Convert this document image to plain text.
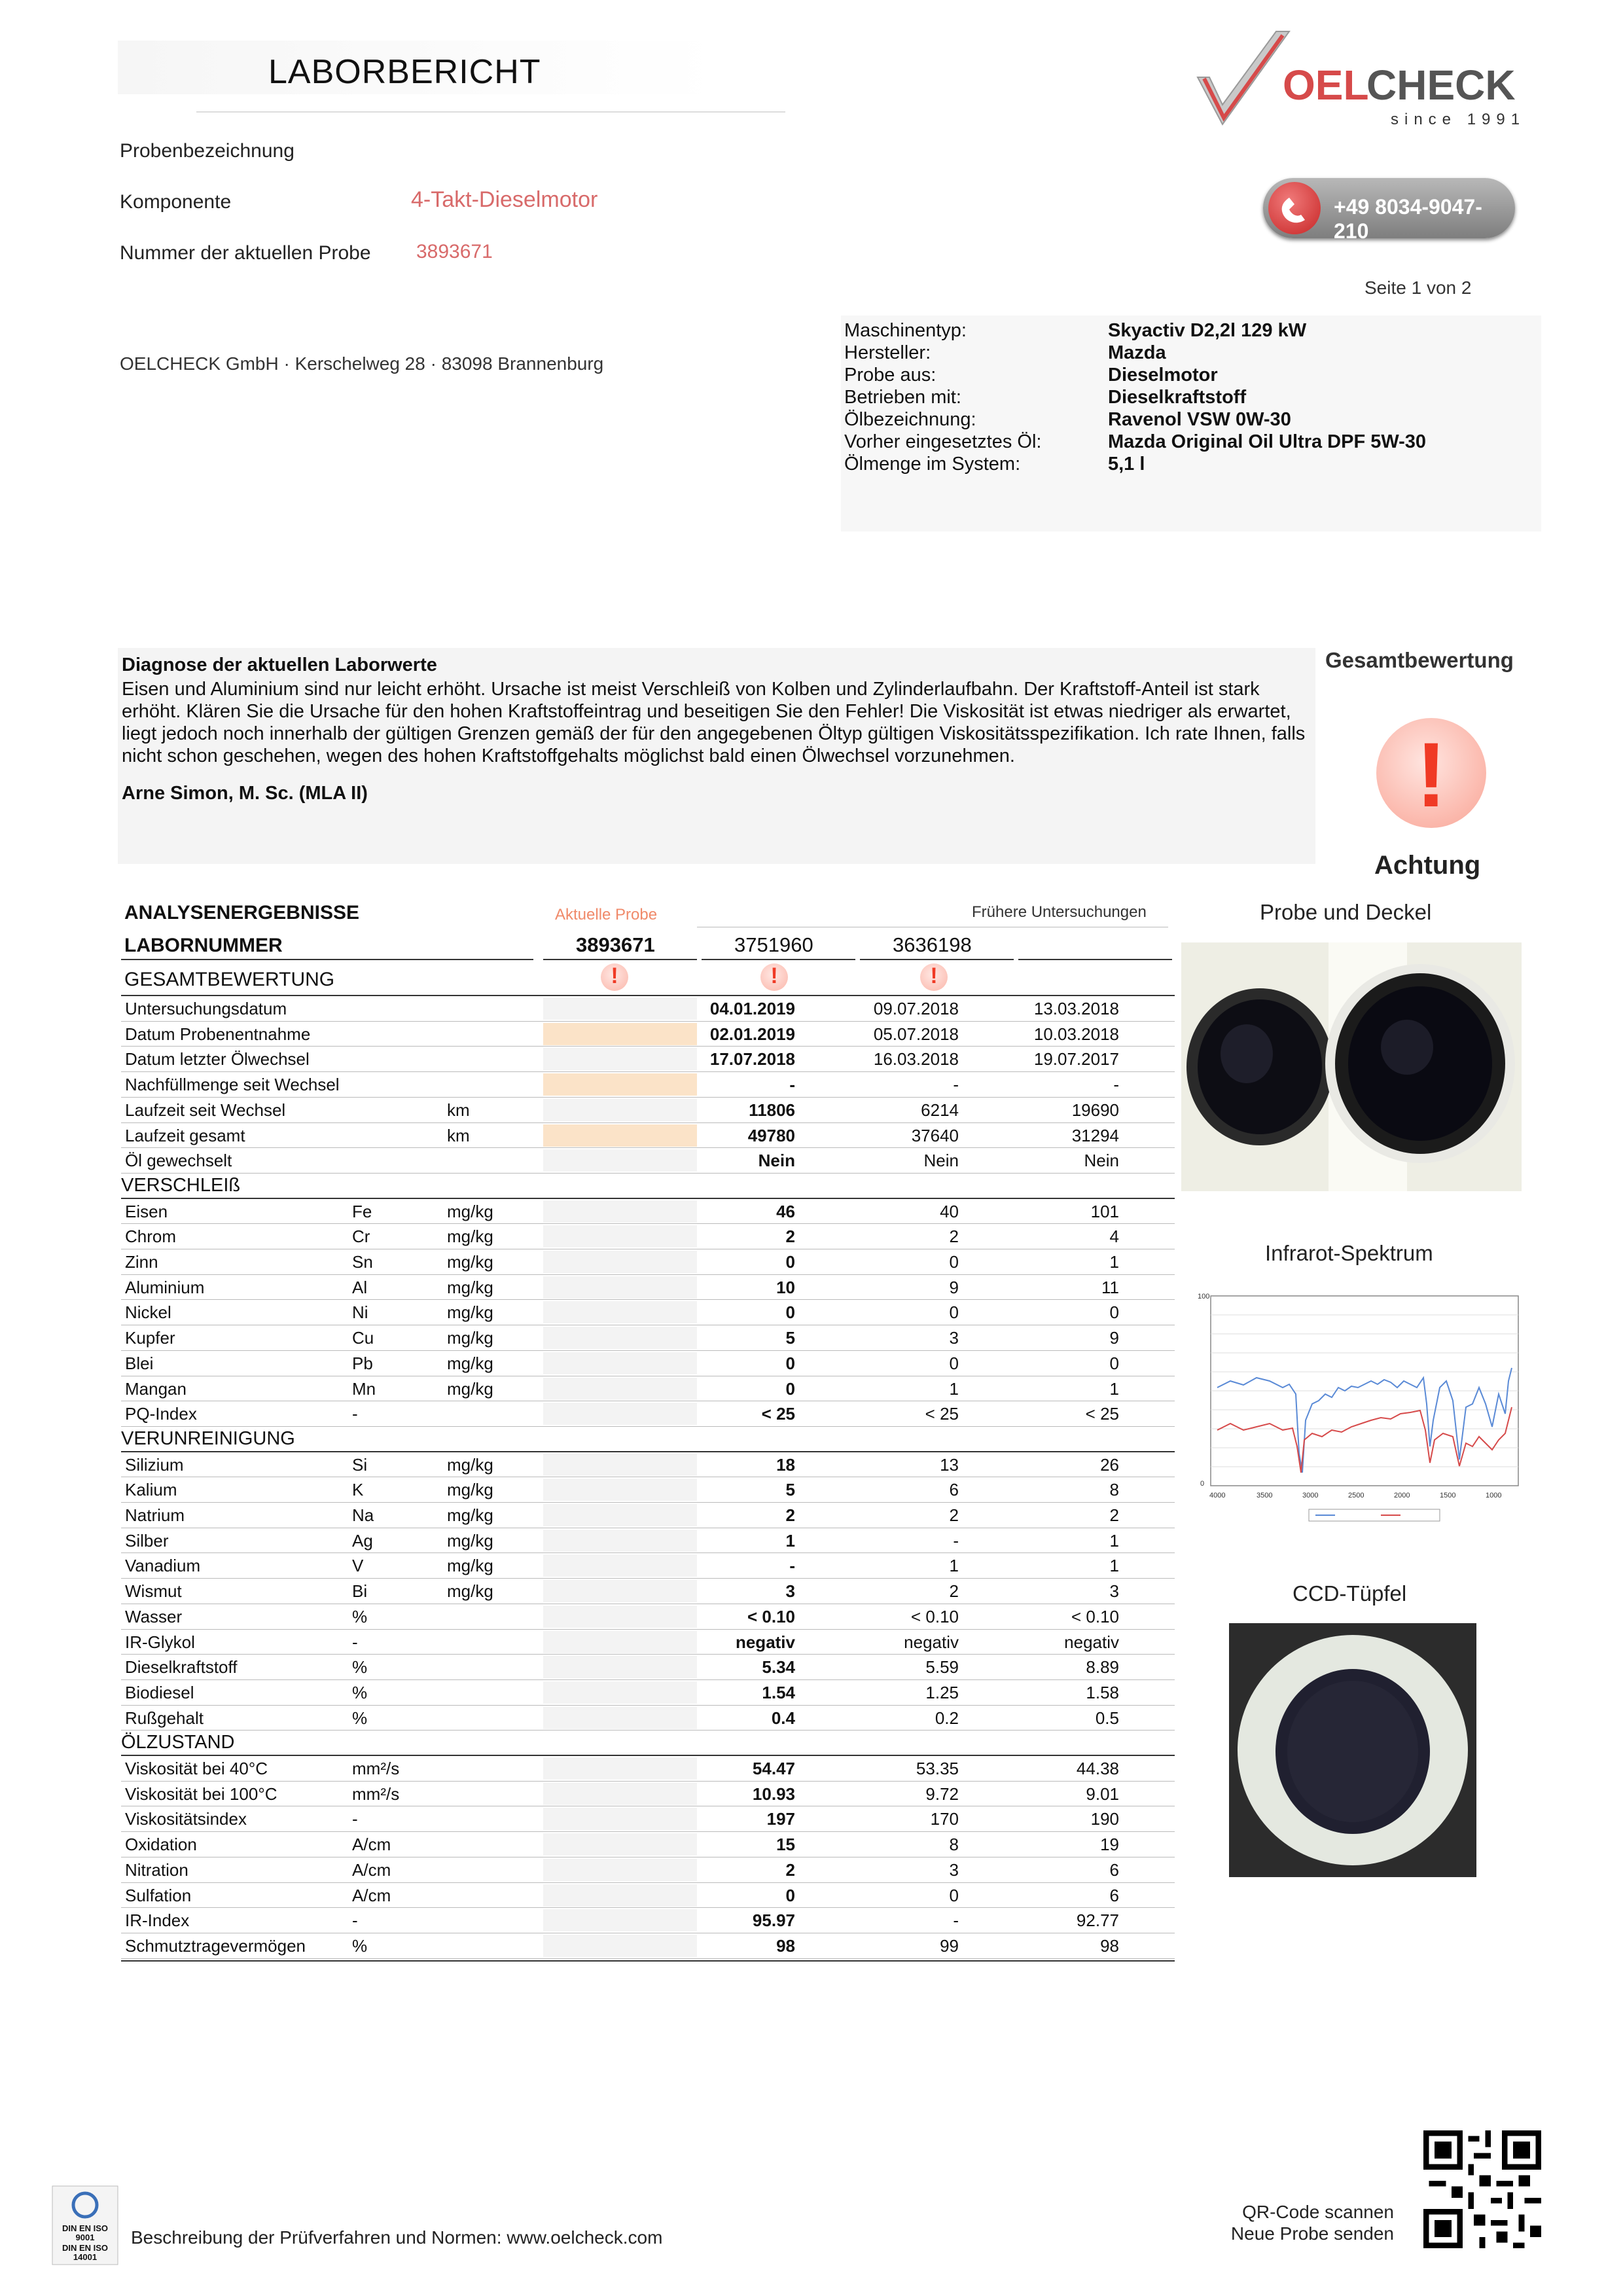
LABORBERICHT	OEL
CHECK
since 1991
+49 8034-9047-210
Seite 1 von 2
Probenbezeichnung
Komponente	4-Takt-Dieselmotor
Nummer der aktuellen Probe 3893671
OELCHECK GmbH · Kerschelweg 28 · 83098 Brannenburg
Maschinentyp:	Skyactiv D2,2l 129 kW
Hersteller:	Mazda
Probe aus:	Dieselmotor
Betrieben mit:	Dieselkraftstoff
Ölbezeichnung:	Ravenol VSW 0W-30
Vorher eingesetztes Öl:	Mazda Original Oil Ultra DPF 5W-30
Ölmenge im System:	5,1 l
Diagnose der aktuellen Laborwerte
Eisen und Aluminium sind nur leicht erhöht. Ursache ist meist Verschleiß von Kolben und Zylinderlaufbahn. Der Kraftstoff-Anteil ist stark erhöht. Klären Sie die Ursache für den hohen Kraftstoffeintrag und beseitigen Sie den Fehler! Die Viskosität ist etwas niedriger als erwartet, liegt jedoch noch innerhalb der gültigen Grenzen gemäß der für den angegebenen Öltyp gültigen Viskositätsspezifikation. Ich rate Ihnen, falls nicht schon geschehen, wegen des hohen Kraftstoffgehalts möglichst bald einen Ölwechsel vorzunehmen.
Arne Simon, M. Sc. (MLA II)
Gesamtbewertung
!
Achtung
ANALYSENERGEBNISSE	Aktuelle Probe	Frühere Untersuchungen
LABORNUMMER	3893671	3751960	3636198
GESAMTBEWERTUNG	!	!	!
Untersuchungsdatum	04.01.2019	09.07.2018	13.03.2018
Datum Probenentnahme	02.01.2019	05.07.2018	10.03.2018
Datum letzter Ölwechsel	17.07.2018	16.03.2018	19.07.2017
Nachfüllmenge seit Wechsel	-	-	-
Laufzeit seit Wechsel	km	11806	6214	19690
Laufzeit gesamt	km	49780	37640	31294
Öl gewechselt	Nein	Nein	Nein
VERSCHLEIß
Eisen	Fe	mg/kg	46	40	101
Chrom	Cr	mg/kg	2	2	4
Zinn	Sn	mg/kg	0	0	1
Aluminium	Al	mg/kg	10	9	11
Nickel	Ni	mg/kg	0	0	0
Kupfer	Cu	mg/kg	5	3	9
Blei	Pb	mg/kg	0	0	0
Mangan	Mn	mg/kg	0	1	1
PQ-Index	-	< 25	< 25	< 25
VERUNREINIGUNG
Silizium	Si	mg/kg	18	13	26
Kalium	K	mg/kg	5	6	8
Natrium	Na	mg/kg	2	2	2
Silber	Ag	mg/kg	1	-	1
Vanadium	V	mg/kg	-	1	1
Wismut	Bi	mg/kg	3	2	3
Wasser	%	< 0.10	< 0.10	< 0.10
IR-Glykol	-	negativ	negativ	negativ
Dieselkraftstoff	%	5.34	5.59	8.89
Biodiesel	%	1.54	1.25	1.58
Rußgehalt	%	0.4	0.2	0.5
ÖLZUSTAND
Viskosität bei 40°C	mm²/s	54.47	53.35	44.38
Viskosität bei 100°C	mm²/s	10.93	9.72	9.01
Viskositätsindex	-	197	170	190
Oxidation	A/cm	15	8	19
Nitration	A/cm	2	3	6
Sulfation	A/cm	0	0	6
IR-Index	-	95.97	-	92.77
Schmutztragevermögen	%	98	99	98
Probe und Deckel
Infrarot-Spektrum
100
0
4000	3500	3000	2500	2000	1500	1000
CCD-Tüpfel
DIN EN ISO
9001
DIN EN ISO
14001
Beschreibung der Prüfverfahren und Normen: www.oelcheck.com
QR-Code scannen
Neue Probe senden
